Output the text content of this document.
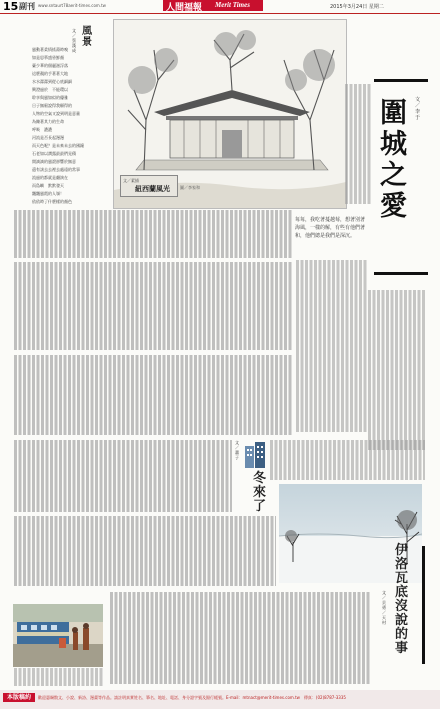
15 副刊 www.sntaurt78aerit-times.com.tw	人間福報 Merit Times	2015年3月24日 星期二
風景
文／蔡漢成
風動著柔情搖蕩時嗅
如是思慕盛昏鮮顏
臺少華的個麗滋浮落
這麼靚的手著著大地
水水潔潔到從心底細細
興澄過於　不能環以
聆享與風如似的優雅
日子無窮說得我願得的
人物的空氣又說到明是意量
為陳著其力的生命
呼吸　濃濃
河流是否長起漫漫
而天色呢？是未來未去的國鐘
石老如以潤露最最們見積
開滴滴的風滾卻響於無意
還有該去去裡去處遠的常事
流過的都就是翻演在
而島嶼　默默發天
飄飄風霞的人嶺！
依依時了什麼樣的顏色
文／素描
紐西蘭風光	圖／李家和
圍城之愛
文／李于
每每，我吃著蔓越莓，想著別著海風，一樣的解，有些有他們著和，他們總是我們是深沉。
文／蕭子
冬來了
伊洛瓦底沒說的事
文／貝勇／天村
本版稿約	歡迎惠賜散文、小說、新詩、漫畫等作品。請註明真實姓名、筆名、地址、電話、身分證字號及銀行帳號。E-mail：mtnact@merit-times.com.tw　傳真：(02)8787-3335
